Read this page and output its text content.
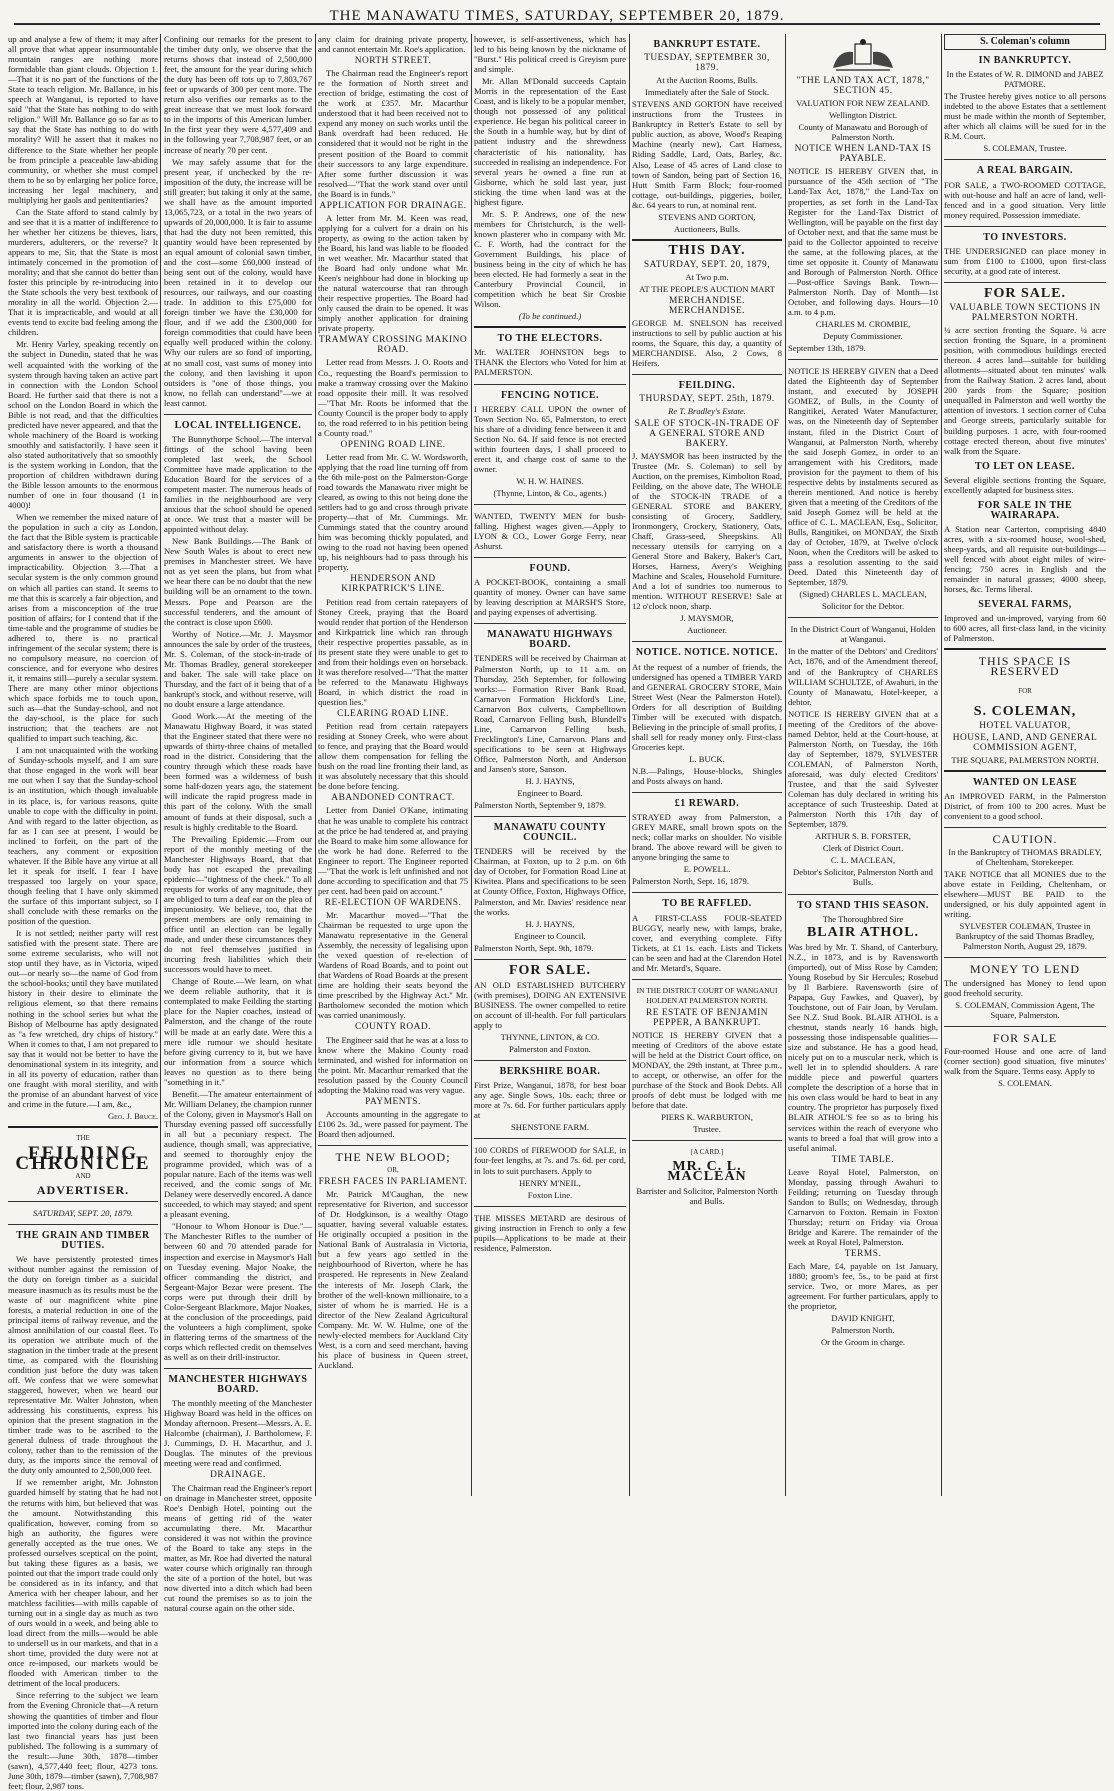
THE MANAWATU TIMES, SATURDAY, SEPTEMBER 20, 1879.

up and analyse a few of them; it may after all prove that what appear insurmountable mountain ranges are nothing more formidable than giant clouds. Objection 1.—That it is no part of the functions of the State to teach religion. Mr. Ballance, in his speech at Wanganui, is reported to have said "that the State has nothing to do with religion." Will Mr. Ballance go so far as to say that the State has nothing to do with morality? Will he assert that it makes no difference to the State whether her people be from principle a peaceable law-abiding community, or whether she must compel them to be so by enlarging her police force, increasing her legal machinery, and multiplying her gaols and penitentiaries?

Can the State afford to stand calmly by and see that it is a matter of indifference to her whether her citizens be thieves, liars, murderers, adulterers, or the reverse? It appears to me, Sir, that the State is most intimately concerned in the promotion of morality; and that she cannot do better than foster this principle by re-introducing into the State schools the very best textbook of morality in all the world. Objection 2.—That it is impracticable, and would at all events tend to excite bad feeling among the children.

Mr. Henry Varley, speaking recently on the subject in Dunedin, stated that he was well acquainted with the working of the system through having taken an active part in connection with the London School Board. He further said that there is not a school on the London Board in which the Bible is not read, and that the difficulties predicted have never appeared, and that the whole machinery of the Board is working smoothly and satisfactorily. I have seen it also stated authoritatively that so smoothly is the system working in London, that the proportion of children withdrawn during the Bible lesson amounts to the enormous number of one in four thousand (1 in 4000)!

When we remember the mixed nature of the population in such a city as London, the fact that the Bible system is practicable and satisfactory there is worth a thousand arguments in answer to the objection of impracticability. Objection 3.—That a secular system is the only common ground on which all parties can stand. It seems to me that this is scarcely a fair objection, and arises from a misconception of the true position of affairs; for I contend that if the time-table and the programme of studies be adhered to, there is no practical infringement of the secular system; there is no compulsory measure, no coercion of conscience, and for everyone who desires it, it remains still—purely a secular system. There are many other minor objections which space forbids me to touch upon, such as—that the Sunday-school, and not the day-school, is the place for such instruction; that the teachers are not qualified to impart such teaching, &c.

I am not unacquainted with the working of Sunday-schools myself, and I am sure that those engaged in the work will bear me out when I say that the Sunday-school is an institution, which though invaluable in its place, is, for various reasons, quite unable to cope with the difficulty in point. And with regard to the latter objection, as far as I can see at present, I would be inclined to forfeit, on the part of the teachers, any comment or exposition whatever. If the Bible have any virtue at all let it speak for itself. I fear I have trespassed too largely on your space, though feeling that I have only skimmed the surface of this important subject, so I shall conclude with these remarks on the position of the question.

It is not settled; neither party will rest satisfied with the present state. There are some extreme secularists, who will not stop until they have, as in Victoria, wiped out—or nearly so—the name of God from the school-books; until they have mutilated history in their desire to eliminate the religious element, so that there remains nothing in the school series but what the Bishop of Melbourne has aptly designated as "a few wretched, dry chips of history." When it comes to that, I am not prepared to say that it would not be better to have the denominational system in its integrity, and in all its poverty of education, rather than one fraught with moral sterility, and with the promise of an abundant harvest of vice and crime in the future.—I am, &c.,

Geo. J. Bruce.

THE

FEILDING CHRONICLE

AND

ADVERTISER.

SATURDAY, SEPT. 20, 1879.

THE GRAIN AND TIMBER DUTIES.

We have persistently protested times without number against the remission of the duty on foreign timber as a suicidal measure inasmuch as its results must be the waste of our magnificent white pine forests, a material reduction in one of the principal items of railway revenue, and the almost annihilation of our coastal fleet. To its operation we attribute much of the stagnation in the timber trade at the present time, as compared with the flourishing condition just before the duty was taken off. We confess that we were somewhat staggered, however, when we heard our representative Mr. Walter Johnston, when addressing his constituents, express his opinion that the present stagnation in the timber trade was to be ascribed to the general dulness of trade throughout the colony, rather than to the remission of the duty, as the imports since the removal of the duty only amounted to 2,500,000 feet.

If we remember aright, Mr. Johnston guarded himself by stating that he had not the returns with him, but believed that was the amount. Notwithstanding this qualification, however, coming from so high an authority, the figures were generally accepted as the true ones. We professed ourselves sceptical on the point, but taking these figures as a basis, we pointed out that the import trade could only be considered as in its infancy, and that America with her cheaper labour, and her matchless facilities—with mills capable of turning out in a single day as much as two of ours would in a week, and being able to load direct from the mills—would be able to undersell us in our markets, and that in a short time, provided the duty were not at once re-imposed, our markets would be flooded with American timber to the detriment of the local producers.

Since referring to the subject we learn from the Evening Chronicle that—A return showing the quantities of timber and flour imported into the colony during each of the last two financial years has just been published. The following is a summary of the result:—June 30th, 1878—timber (sawn), 4,577,440 feet; flour, 4273 tons. June 30th, 1879—timber (sawn), 7,708,987 feet; flour, 2,987 tons.

Confining our remarks for the present to the timber duty only, we observe that the returns shows that instead of 2,500,000 feet, the amount for the year during which the duty has been off tots up to 7,803,767 feet or upwards of 300 per cent more. The return also verifies our remarks as to the great increase that we must look forward to in the imports of this American lumber. In the first year they were 4,577,409 and in the following year 7,708,987 feet, or an increase of nearly 70 per cent.

We may safely assume that for the present year, if unchecked by the re-imposition of the duty, the increase will be still greater; but taking it only at the same, we shall have as the amount imported 13,065,723, or a total in the two years of upwards of 20,000,000. It is fair to assume that had the duty not been remitted, this quantity would have been represented by an equal amount of colonial sawn timber, and the cost—some £60,000 instead of being sent out of the colony, would have been retained in it to develop our resources, our railways, and our coasting trade. In addition to this £75,000 for foreign timber we have the £30,000 for flour, and if we add the £300,000 for foreign commodities that could have been equally well produced within the colony. Why our rulers are so fond of importing, at no small cost, vast sums of money into the colony, and then lavishing it upon outsiders is "one of those things, you know, no fellah can understand"—we at least cannot.

LOCAL INTELLIGENCE.

The Bunnythorpe School.—The interval fittings of the school having been completed last week, the School Committee have made application to the Education Board for the services of a competent master. The numerous heads of families in the neighbourhood are very anxious that the school should be opened at once. We trust that a master will be appointed without delay.

New Bank Buildings.—The Bank of New South Wales is about to erect new premises in Manchester street. We have not as yet seen the plans, but from what we hear there can be no doubt that the new building will be an ornament to the town. Messrs. Pope and Pearson are the successful tenderers, and the amount of the contract is close upon £600.

Worthy of Notice.—Mr. J. Maysmor announces the sale by order of the trustees, Mr. S. Coleman, of the stock-in-trade of Mr. Thomas Bradley, general storekeeper and baker. The sale will take place on Thursday, and the fact of it being that of a bankrupt's stock, and without reserve, will no doubt ensure a large attendance.

Good Work.—At the meeting of the Manawatu Highway Board, it was stated that the Engineer stated that there were no upwards of thirty-three chains of metalled road in the district. Considering that the country through which these roads have been formed was a wilderness of bush some half-dozen years ago, the statement will indicate the rapid progress made in this part of the colony. With the small amount of funds at their disposal, such a result is highly creditable to the Board.

The Prevailing Epidemic.—From our report of the monthly meeting of the Manchester Highways Board, that that body has not escaped the prevailing epidemic—"tightness of the cheek." To all requests for works of any magnitude, they are obliged to turn a deaf ear on the plea of impecuniosity. We believe, too, that the present members are only remaining in office until an election can be legally made, and under these circumstances they do not feel themselves justified in incurring fresh liabilities which their successors would have to meet.

Change of Route.—We learn, on what we deem reliable authority, that it is contemplated to make Feilding the starting place for the Napier coaches, instead of Palmerston, and the change of the route will be made at an early date. Were this a mere idle rumour we should hesitate before giving currency to it, but we have our information from a source which leaves no question as to there being "something in it."

Benefit.—The amateur entertainment of Mr. William Delaney, the champion runner of the Colony, given in Maysmor's Hall on Thursday evening passed off successfully in all but a pecuniary respect. The audience, though small, was appreciative, and seemed to thoroughly enjoy the programme provided, which was of a popular nature. Each of the items was well received, and the comic songs of Mr. Delaney were deservedly encored. A dance succeeded, to which may stayed; and spent a pleasant evening.

"Honour to Whom Honour is Due."—The Manchester Rifles to the number of between 60 and 70 attended parade for inspection and exercise in Maysmor's Hall on Tuesday evening. Major Noake, the officer commanding the district, and Sergeant-Major Bezar were present. The corps were put through their drill by Color-Sergeant Blackmore, Major Noakes, at the conclusion of the proceedings, paid the volunteers a high compliment, spoke in flattering terms of the smartness of the corps which reflected credit on themselves as well as on their drill-instructor.

MANCHESTER HIGHWAYS BOARD.

The monthly meeting of the Manchester Highway Board was held in the offices on Monday afternoon. Present—Messrs. A. E. Halcombe (chairman), J. Bartholomew, F. J. Cummings, D. H. Macarthur, and J. Douglas. The minutes of the previous meeting were read and confirmed.

DRAINAGE.

The Chairman read the Engineer's report on drainage in Manchester street, opposite Roe's Denbigh Hotel, pointing out the means of getting rid of the water accumulating there. Mr. Macarthur considered it was not within the province of the Board to take any steps in the matter, as Mr. Roe had diverted the natural water course which originally ran through the site of a portion of the hotel, but was now diverted into a ditch which had been cut round the premises so as to join the natural course again on the other side.

any claim for draining private property, and cannot entertain Mr. Roe's application.

NORTH STREET.

The Chairman read the Engineer's report re the formation of North street and erection of bridge, estimating the cost of the work at £357. Mr. Macarthur understood that it had been received not to expend any money on such works until the Bank overdraft had been reduced. He considered that it would not be right in the present position of the Board to commit their successors to any large expenditure. After some further discussion it was resolved—"That the work stand over until the Board is in funds."

APPLICATION FOR DRAINAGE.

A letter from Mr. M. Keen was read, applying for a culvert for a drain on his property, as owing to the action taken by the Board, his land was liable to be flooded in wet weather. Mr. Macarthur stated that the Board had only undone what Mr. Keen's neighbour had done in blocking up the natural watercourse that ran through their respective properties. The Board had only caused the drain to be opened. It was simply another application for draining private property.

TRAMWAY CROSSING MAKINO ROAD.

Letter read from Messrs. J. O. Roots and Co., requesting the Board's permission to make a tramway crossing over the Makino road opposite their mill. It was resolved—"That Mr. Roots be informed that the County Council is the proper body to apply to, the road referred to in his petition being a County road."

OPENING ROAD LINE.

Letter read from Mr. C. W. Wordsworth, applying that the road line turning off from the 6th mile-post on the Palmerston-Gorge road towards the Manawatu river might be cleared, as owing to this not being done the settlers had to go and cross through private property—that of Mr. Cummings. Mr. Cummings stated that the country around him was becoming thickly populated, and owing to the road not having been opened up, his neighbours had to pass through his property.

HENDERSON AND KIRKPATRICK'S LINE.

Petition read from certain ratepayers of Stoney Creek, praying that the Board would render that portion of the Henderson and Kirkpatrick line which ran through their respective properties passable, as in its present state they were unable to get to and from their holdings even on horseback. It was therefore resolved—"That the matter be referred to the Manawatu Highways Board, in which district the road in question lies."

CLEARING ROAD LINE.

Petition read from certain ratepayers residing at Stoney Creek, who were about to fence, and praying that the Board would allow them compensation for felling the bush on the road line fronting their land, as it was absolutely necessary that this should be done before fencing.

ABANDONED CONTRACT.

Letter from Daniel O'Kane, intimating that he was unable to complete his contract at the price he had tendered at, and praying the Board to make him some allowance for the work he had done. Referred to the Engineer to report. The Engineer reported—"That the work is left unfinished and not done according to specification and that 75 per cent. had been paid on account."

RE-ELECTION OF WARDENS.

Mr. Macarthur moved—"That the Chairman be requested to urge upon the Manawatu representative in the General Assembly, the necessity of legalising upon the vexed question of re-election of Wardens of Road Boards, and to point out that Wardens of Road Boards at the present time are holding their seats beyond the time prescribed by the Highway Act." Mr. Bartholomew seconded the motion which was carried unanimously.

COUNTY ROAD.

The Engineer said that he was at a loss to know where the Makino County road terminated, and wished for information on the point. Mr. Macarthur remarked that the resolution passed by the County Council adopting the Makino road was very vague.

PAYMENTS.

Accounts amounting in the aggregate to £106 2s. 3d., were passed for payment. The Board then adjourned.

THE NEW BLOOD;

OR,

FRESH FACES IN PARLIAMENT.

Mr. Patrick M'Caughan, the new representative for Riverton, and successor of Dr. Hodgkinson, is a wealthy Otago squatter, having several valuable estates. He originally occupied a position in the National Bank of Australasia in Victoria, but a few years ago settled in the neighbourhood of Riverton, where he has prospered. He represents in New Zealand the interests of Mr. Joseph Clark, the brother of the well-known millionaire, to a sister of whom he is married. He is a director of the New Zealand Agricultural Company. Mr. W. W. Hulme, one of the newly-elected members for Auckland City West, is a corn and seed merchant, having his place of business in Queen street, Auckland.

however, is self-assertiveness, which has led to his being known by the nickname of "Burst." His political creed is Greyism pure and simple.

Mr. Allan M'Donald succeeds Captain Morris in the representation of the East Coast, and is likely to be a popular member, though not possessed of any political experience. He began his political career in the South in a humble way, but by dint of patient industry and the shrewdness characteristic of his nationality, has succeeded in realising an independence. For several years he owned a fine run at Gisborne, which he sold last year, just sticking the time when land was at the highest figure.

Mr. S. P. Andrews, one of the new members for Christchurch, is the well-known plasterer who in company with Mr. C. F. Worth, had the contract for the Government Buildings, his place of business being in the city of which he has been elected. He had formerly a seat in the Canterbury Provincial Council, in competition which he beat Sir Crosbie Wilson.

(To be continued.)

TO THE ELECTORS.

Mr. WALTER JOHNSTON begs to THANK the Electors who Voted for him at PALMERSTON.

FENCING NOTICE.

I HEREBY CALL UPON the owner of Town Section No. 65, Palmerston, to erect his share of a dividing fence between it and Section No. 64. If said fence is not erected within fourteen days, I shall proceed to erect it, and charge cost of same to the owner.

W. H. W. HAINES.

(Thynne, Linton, & Co., agents.)

WANTED, TWENTY MEN for bush-falling. Highest wages given.—Apply to LYON & CO., Lower Gorge Ferry, near Ashurst.

FOUND.

A POCKET-BOOK, containing a small quantity of money. Owner can have same by leaving description at MARSH'S Store, and paying expenses of advertising.

MANAWATU HIGHWAYS BOARD.

TENDERS will be received by Chairman at Palmerston North, up to 11 a.m. on Thursday, 25th September, for following works:— Formation River Bank Road, Carnarvon Formation Hickford's Line, Carnarvon Box culverts, Campbelltown Road, Carnarvon Felling bush, Blundell's Line, Carnarvon Felling bush, Frecklington's Line, Carnarvon. Plans and specifications to be seen at Highways Office, Palmerston North, and Anderson and Jansen's store, Sanson.

H. J. HAYNS,

Engineer to Board.

Palmerston North, September 9, 1879.

MANAWATU COUNTY COUNCIL.

TENDERS will be received by the Chairman, at Foxton, up to 2 p.m. on 6th day of October, for Formation Road Line at Kiwitea. Plans and specifications to be seen at County Office, Foxton, Highways Office, Palmerston, and Mr. Davies' residence near the works.

H. J. HAYNS,

Engineer to Council.

Palmerston North, Sept. 9th, 1879.

FOR SALE.

AN OLD ESTABLISHED BUTCHERY (with premises), DOING AN EXTENSIVE BUSINESS. The owner compelled to retire on account of ill-health. For full particulars apply to

THYNNE, LINTON, & CO.

Palmerston and Foxton.

BERKSHIRE BOAR.

First Prize, Wanganui, 1878, for best boar any age. Single Sows, 10s. each; three or more at 7s. 6d. For further particulars apply at

SHENSTONE FARM.

100 CORDS of FIREWOOD for SALE, in four-feet lengths, at 7s. and 7s. 6d. per cord, in lots to suit purchasers. Apply to

HENRY M'NEIL,

Foxton Line.

THE MISSES METARD are desirous of giving instruction in French to only a few pupils—Applications to be made at their residence, Palmerston.

BANKRUPT ESTATE.

TUESDAY, SEPTEMBER 30, 1879.

At the Auction Rooms, Bulls.

Immediately after the Sale of Stock.

STEVENS AND GORTON have received instructions from the Trustees in Bankruptcy in Retter's Estate to sell by public auction, as above, Wood's Reaping Machine (nearly new), Cart Harness, Riding Saddle, Lard, Oats, Barley, &c. Also, Lease of 45 acres of Land close to town of Sandon, being part of Section 16, Hutt Smith Farm Block; four-roomed cottage, out-buildings, piggeries, boiler, &c. 64 years to run, at nominal rent.

STEVENS AND GORTON,

Auctioneers, Bulls.

THIS DAY.

SATURDAY, SEPT. 20, 1879,

At Two p.m.

AT THE PEOPLE'S AUCTION MART

MERCHANDISE. MERCHANDISE.

GEORGE M. SNELSON has received instructions to sell by public auction at his rooms, the Square, this day, a quantity of MERCHANDISE. Also, 2 Cows, 8 Heifers.

FEILDING.

THURSDAY, SEPT. 25th, 1879.

Re T. Bradley's Estate.

SALE OF STOCK-IN-TRADE OF A GENERAL STORE AND BAKERY.

J. MAYSMOR has been instructed by the Trustee (Mr. S. Coleman) to sell by Auction, on the premises, Kimbolton Road, Feilding, on the above date, The WHOLE of the STOCK-IN TRADE of a GENERAL STORE and BAKERY, consisting of Grocery, Saddlery, Ironmongery, Crockery, Stationery, Oats, Chaff, Grass-seed, Sheepskins. All necessary utensils for carrying on a General Store and Bakery, Baker's Cart, Horses, Harness, Avery's Weighing Machine and Scales, Household Furniture. And a lot of sundries too numerous to mention. WITHOUT RESERVE! Sale at 12 o'clock noon, sharp.

J. MAYSMOR,

Auctioneer.

NOTICE. NOTICE. NOTICE.

At the request of a number of friends, the undersigned has opened a TIMBER YARD and GENERAL GROCERY STORE, Main Street West (Near the Palmerston Hotel). Orders for all description of Building Timber will be executed with dispatch. Believing in the principle of small profits, I shall sell for ready money only. First-class Groceries kept.

L. BUCK.

N.B.—Palings, House-blocks, Shingles and Posts always on hand.

£1 REWARD.

STRAYED away from Palmerston, a GREY MARE, small brown spots on the neck; collar marks on shoulder. No visible brand. The above reward will be given to anyone bringing the same to

E. POWELL.

Palmerston North, Sept. 16, 1879.

TO BE RAFFLED.

A FIRST-CLASS FOUR-SEATED BUGGY, nearly new, with lamps, brake, cover, and everything complete. Fifty Tickets, at £1 1s. each. Lists and Tickets can be seen and had at the Clarendon Hotel and Mr. Metard's, Square.

IN THE DISTRICT COURT OF WANGANUI HOLDEN AT PALMERSTON NORTH.

RE ESTATE OF BENJAMIN PEPPER, A BANKRUPT.

NOTICE IS HEREBY GIVEN that a meeting of Creditors of the above estate will be held at the District Court office, on MONDAY, the 29th instant, at Three p.m., to accept, or otherwise, an offer for the purchase of the Stock and Book Debts. All proofs of debt must be lodged with me before that date.

PIERS K. WARBURTON,

Trustee.

[A CARD.]

MR. C. L. MACLEAN

Barrister and Solicitor, Palmerston North and Bulls.

"THE LAND TAX ACT, 1878," SECTION 45.

VALUATION FOR NEW ZEALAND.

Wellington District.

County of Manawatu and Borough of Palmerston North.

NOTICE WHEN LAND-TAX IS PAYABLE.

NOTICE IS HEREBY GIVEN that, in pursuance of the 45th section of "The Land-Tax Act, 1878," the Land-Tax on properties, as set forth in the Land-Tax Register for the Land-Tax District of Wellington, will be payable on the first day of October next, and that the same must be paid to the Collector appointed to receive the same, at the following places, at the time set opposite it. County of Manawatu and Borough of Palmerston North. Office—Post-office Savings Bank. Town—Palmerston North. Day of Month—1st October, and following days. Hours—10 a.m. to 4 p.m.

CHARLES M. CROMBIE,

Deputy Commissioner.

September 13th, 1879.

NOTICE IS HEREBY GIVEN that a Deed dated the Eighteenth day of September instant, and executed by JOSEPH GOMEZ, of Bulls, in the County of Rangitikei, Aerated Water Manufacturer, was, on the Nineteenth day of September instant, filed in the District Court of Wanganui, at Palmerston North, whereby the said Joseph Gomez, in order to an arrangement with his Creditors, made provision for the payment to them of his respective debts by instalments secured as therein mentioned. And notice is hereby given that a meeting of the Creditors of the said Joseph Gomez will be held at the office of C. L. MACLEAN, Esq., Solicitor, Bulls, Rangitikei, on MONDAY, the Sixth day of October, 1879, at Twelve o'clock Noon, when the Creditors will be asked to pass a resolution assenting to the said Deed. Dated this Nineteenth day of September, 1879.

(Signed) CHARLES L. MACLEAN,

Solicitor for the Debtor.

In the District Court of Wanganui, Holden at Wanganui.

In the matter of the Debtors' and Creditors' Act, 1876, and of the Amendment thereof, and of the Bankruptcy of CHARLES WILLIAM SCHULTZE, of Awahuri, in the County of Manawatu, Hotel-keeper, a debtor.

NOTICE IS HEREBY GIVEN that at a meeting of the Creditors of the above-named Debtor, held at the Court-house, at Palmerston North, on Tuesday, the 16th day of September, 1879, SYLVESTER COLEMAN, of Palmerston North, aforesaid, was duly elected Creditors' Trustee, and that the said Sylvester Coleman has duly declared in writing his acceptance of such Trusteeship. Dated at Palmerston North this 17th day of September, 1879.

ARTHUR S. B. FORSTER,

Clerk of District Court.

C. L. MACLEAN,

Debtor's Solicitor, Palmerston North and Bulls.

TO STAND THIS SEASON.

The Thoroughbred Sire

BLAIR ATHOL.

Was bred by Mr. T. Shand, of Canterbury, N.Z., in 1873, and is by Ravensworth (imported), out of Miss Rose by Camden; Young Rosebud by Sir Hercules; Rosebud by Il Barbiere. Ravensworth (sire of Papapa, Guy Fawkes, and Quaver), by Touchstone, out of Fair Joan, by Verulam. See N.Z. Stud Book. BLAIR ATHOL is a chestnut, stands nearly 16 hands high, possessing those indispensable qualities—size and substance. He has a good head, nicely put on to a muscular neck, which is well let in to splendid shoulders. A rare middle piece and powerful quarters complete the description of a horse that in his own class would be hard to beat in any country. The proprietor has purposely fixed BLAIR ATHOL'S fee so as to bring his services within the reach of everyone who wants to breed a foal that will grow into a useful animal.

TIME TABLE.

Leave Royal Hotel, Palmerston, on Monday, passing through Awahuri to Feilding; returning on Tuesday through Sandon to Bulls; on Wednesday, through Carnarvon to Foxton. Remain in Foxton Thursday; return on Friday via Oroua Bridge and Karere. The remainder of the week at Royal Hotel, Palmerston.

TERMS.

Each Mare, £4, payable on 1st January, 1880; groom's fee, 5s., to be paid at first service. Two, or more Mares, as per agreement. For further particulars, apply to the proprietor,

DAVID KNIGHT,

Palmerston North.

Or the Groom in charge.

S. Coleman's column

IN BANKRUPTCY.

In the Estates of W. R. DIMOND and JABEZ PATMORE.

The Trustee hereby gives notice to all persons indebted to the above Estates that a settlement must be made within the month of September, after which all claims will be sued for in the R.M. Court.

S. COLEMAN, Trustee.

A REAL BARGAIN.

FOR SALE, a TWO-ROOMED COTTAGE, with out-house and half an acre of land, well-fenced and in a good situation. Very little money required. Possession immediate.

TO INVESTORS.

THE UNDERSIGNED can place money in sum from £100 to £1000, upon first-class security, at a good rate of interest.

FOR SALE.

VALUABLE TOWN SECTIONS IN PALMERSTON NORTH.

¼ acre section fronting the Square. ¼ acre section fronting the Square, in a prominent position, with commodious buildings erected thereon. 4 acres land—suitable for building allotments—situated about ten minutes' walk from the Railway Station. 2 acres land, about 200 yards from the Square; position unequalled in Palmerston and well worthy the attention of investors. 1 section corner of Cuba and George streets, particularly suitable for building purposes. 1 acre, with four-roomed cottage erected thereon, about five minutes' walk from the Square.

TO LET ON LEASE.

Several eligible sections fronting the Square, excellently adapted for business sites.

FOR SALE IN THE WAIRARAPA.

A Station near Carterton, comprising 4840 acres, with a six-roomed house, wool-shed, sheep-yards, and all requisite out-buildings—well fenced with about eight miles of wire-fencing; 750 acres in English and the remainder in natural grasses; 4000 sheep, horses, &c. Terms liberal.

SEVERAL FARMS,

Improved and un-improved, varying from 60 to 600 acres, all first-class land, in the vicinity of Palmerston.

THIS SPACE IS RESERVED

FOR

S. COLEMAN,

HOTEL VALUATOR,

HOUSE, LAND, AND GENERAL COMMISSION AGENT,

THE SQUARE, PALMERSTON NORTH.

WANTED ON LEASE

An IMPROVED FARM, in the Palmerston District, of from 100 to 200 acres. Must be convenient to a good school.

CAUTION.

In the Bankruptcy of THOMAS BRADLEY, of Cheltenham, Storekeeper.

TAKE NOTICE that all MONIES due to the above estate in Feilding, Cheltenham, or elsewhere—MUST BE PAID to the undersigned, or his duly appointed agent in writing.

SYLVESTER COLEMAN, Trustee in Bankruptcy of the said Thomas Bradley, Palmerston North, August 29, 1879.

MONEY TO LEND

The undersigned has Money to lend upon good freehold security.

S. COLEMAN, Commission Agent, The Square, Palmerston.

FOR SALE

Four-roomed House and one acre of land (corner section) good situation, five minutes' walk from the Square. Terms easy. Apply to

S. COLEMAN.
